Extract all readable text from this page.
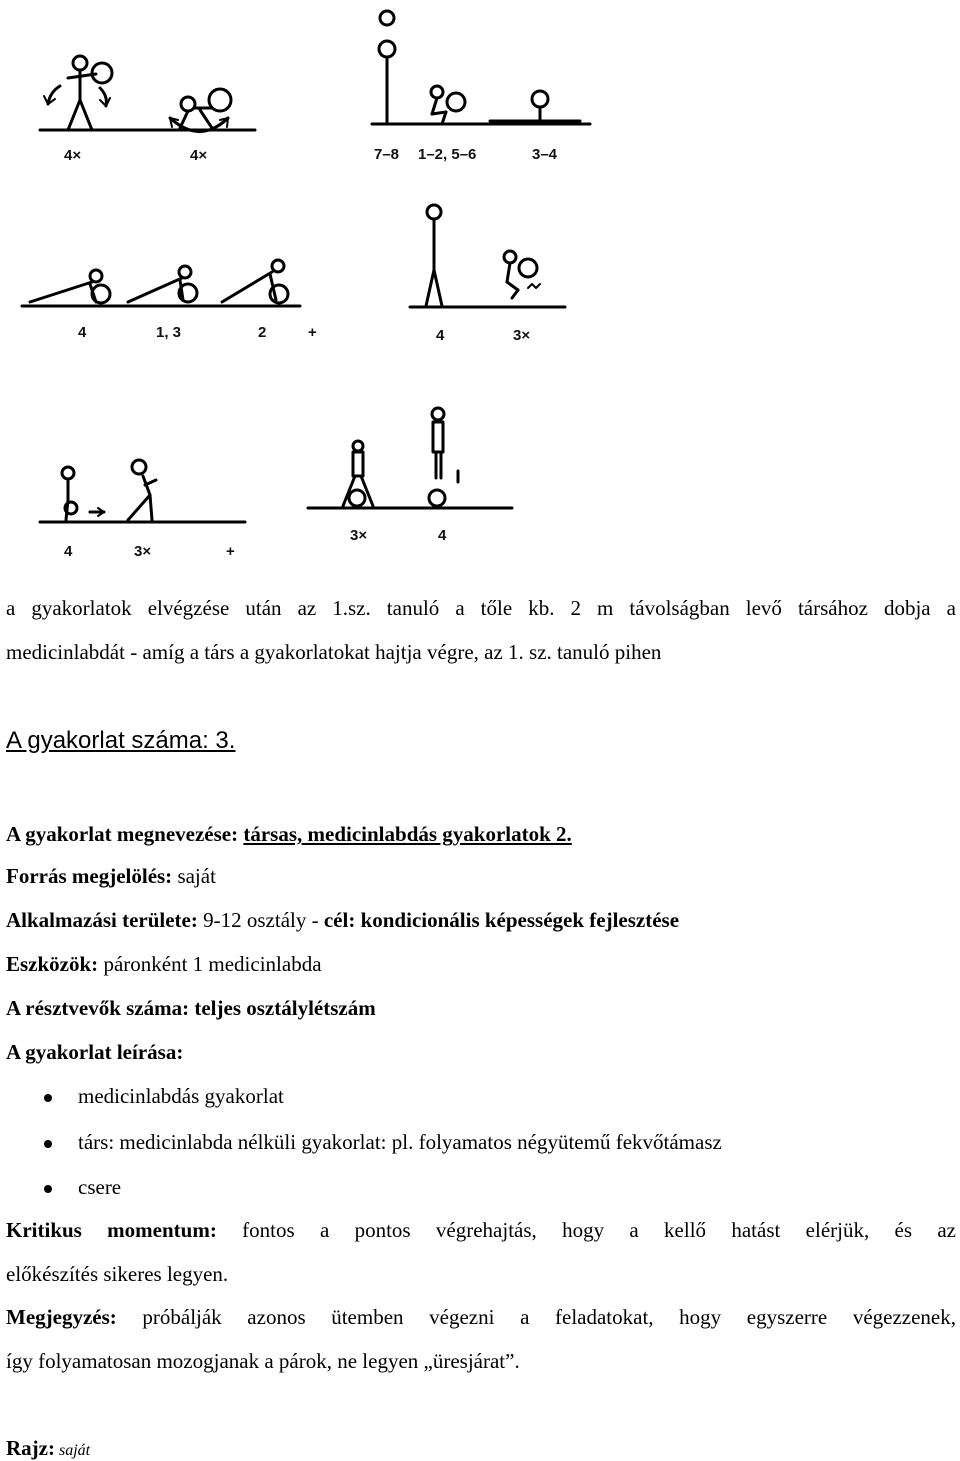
4×	4×	7–8 1–2, 5–6	3–4
4	1, 3	2	+	4	3×
4	3×	+
3×	4
a gyakorlatok elvégzése után az 1.sz. tanuló a tőle kb. 2 m távolságban levő társához dobja a
medicinlabdát - amíg a társ a gyakorlatokat hajtja végre, az 1. sz. tanuló pihen
A gyakorlat száma: 3.
A gyakorlat megnevezése: társas, medicinlabdás gyakorlatok 2.
Forrás megjelölés: saját
Alkalmazási területe: 9-12 osztály - cél: kondicionális képességek fejlesztése
Eszközök: páronként 1 medicinlabda
A résztvevők száma: teljes osztálylétszám
A gyakorlat leírása:
medicinlabdás gyakorlat
társ: medicinlabda nélküli gyakorlat: pl. folyamatos négyütemű fekvőtámasz
csere
Kritikus momentum: fontos a pontos végrehajtás, hogy a kellő hatást elérjük, és az
előkészítés sikeres legyen.
Megjegyzés: próbálják azonos ütemben végezni a feladatokat, hogy egyszerre végezzenek,
így folyamatosan mozogjanak a párok, ne legyen „üresjárat”.
Rajz: saját
